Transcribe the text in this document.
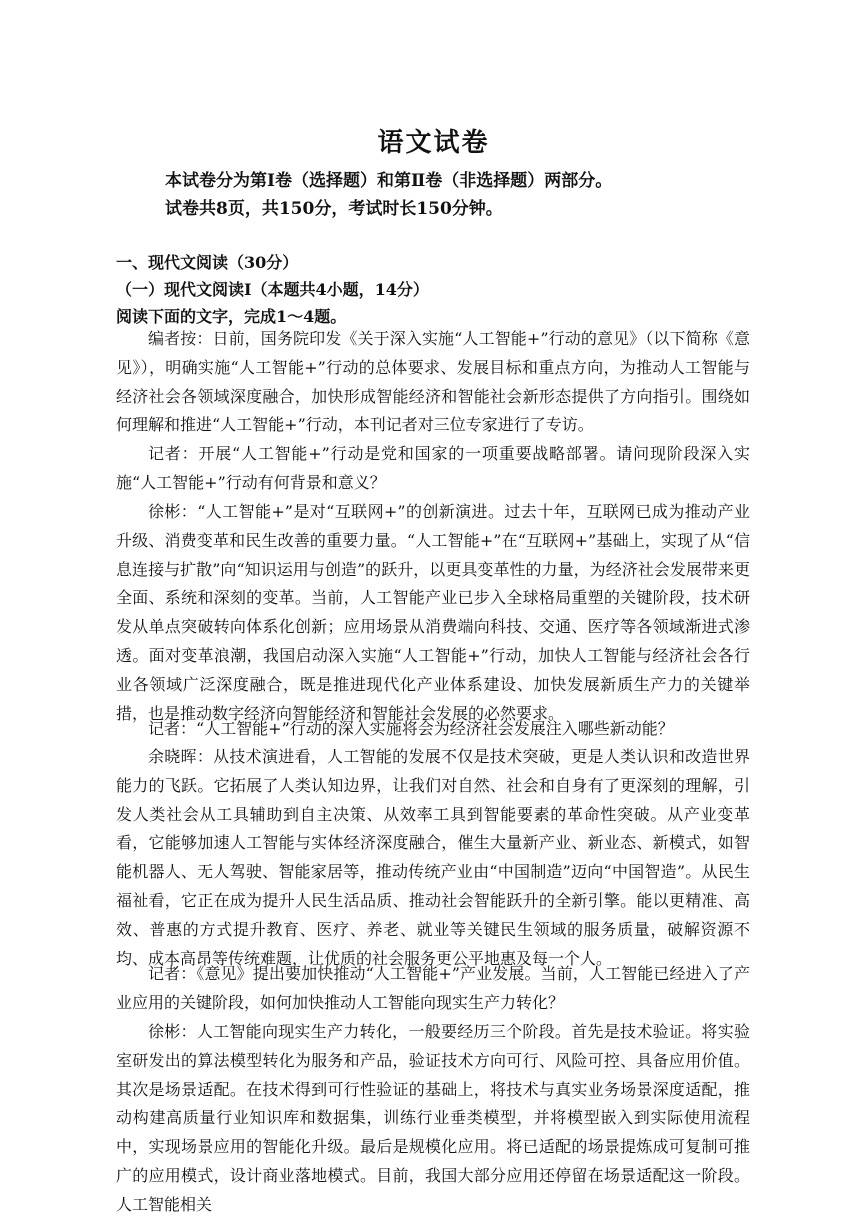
语文试卷
本试卷分为第Ⅰ卷（选择题）和第Ⅱ卷（非选择题）两部分。
试卷共8页，共150分，考试时长150分钟。
一、现代文阅读（30分）
（一）现代文阅读Ⅰ（本题共4小题，14分）
阅读下面的文字，完成1～4题。

编者按：日前，国务院印发《关于深入实施“人工智能+”行动的意见》（以下简称《意见》），明确实施“人工智能+”行动的总体要求、发展目标和重点方向，为推动人工智能与经济社会各领域深度融合，加快形成智能经济和智能社会新形态提供了方向指引。围绕如何理解和推进“人工智能+”行动，本刊记者对三位专家进行了专访。

记者：开展“人工智能+”行动是党和国家的一项重要战略部署。请问现阶段深入实施“人工智能+”行动有何背景和意义？

徐彬：“人工智能+”是对“互联网+”的创新演进。过去十年，互联网已成为推动产业升级、消费变革和民生改善的重要力量。“人工智能+”在“互联网+”基础上，实现了从“信息连接与扩散”向“知识运用与创造”的跃升，以更具变革性的力量，为经济社会发展带来更全面、系统和深刻的变革。当前，人工智能产业已步入全球格局重塑的关键阶段，技术研发从单点突破转向体系化创新；应用场景从消费端向科技、交通、医疗等各领域渐进式渗透。面对变革浪潮，我国启动深入实施“人工智能+”行动，加快人工智能与经济社会各行业各领域广泛深度融合，既是推进现代化产业体系建设、加快发展新质生产力的关键举措，也是推动数字经济向智能经济和智能社会发展的必然要求。

记者：“人工智能+”行动的深入实施将会为经济社会发展注入哪些新动能？

余晓晖：从技术演进看，人工智能的发展不仅是技术突破，更是人类认识和改造世界能力的飞跃。它拓展了人类认知边界，让我们对自然、社会和自身有了更深刻的理解，引发人类社会从工具辅助到自主决策、从效率工具到智能要素的革命性突破。从产业变革看，它能够加速人工智能与实体经济深度融合，催生大量新产业、新业态、新模式，如智能机器人、无人驾驶、智能家居等，推动传统产业由“中国制造”迈向“中国智造”。从民生福祉看，它正在成为提升人民生活品质、推动社会智能跃升的全新引擎。能以更精准、高效、普惠的方式提升教育、医疗、养老、就业等关键民生领域的服务质量，破解资源不均、成本高昂等传统难题，让优质的社会服务更公平地惠及每一个人。

记者：《意见》提出要加快推动“人工智能+”产业发展。当前，人工智能已经进入了产业应用的关键阶段，如何加快推动人工智能向现实生产力转化？

徐彬：人工智能向现实生产力转化，一般要经历三个阶段。首先是技术验证。将实验室研发出的算法模型转化为服务和产品，验证技术方向可行、风险可控、具备应用价值。其次是场景适配。在技术得到可行性验证的基础上，将技术与真实业务场景深度适配，推动构建高质量行业知识库和数据集，训练行业垂类模型，并将模型嵌入到实际使用流程中，实现场景应用的智能化升级。最后是规模化应用。将已适配的场景提炼成可复制可推广的应用模式，设计商业落地模式。目前，我国大部分应用还停留在场景适配这一阶段。人工智能相关
